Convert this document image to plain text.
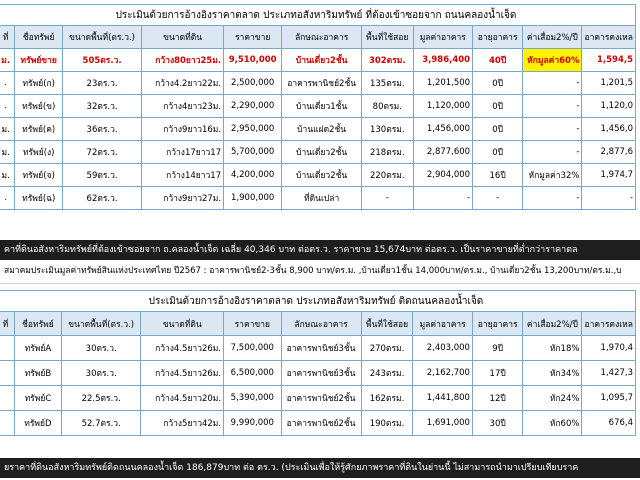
ประเมินด้วยการอ้างอิงราคาตลาด ประเภทอสังหาริมทรัพย์ ที่ต้องเข้าซอยจาก ถนนคลองน้ำเจ็ด										
ที่	ชื่อทรัพย์	ขนาดพื้นที่(ตร.ว.)	ขนาดที่ดิน	ราคาขาย	ลักษณะอาคาร	พื้นที่ใช้สอย	มูลค่าอาคาร	อายุอาคาร	ค่าเสื่อม2%/ปี	อาคารคงเหล
ม.	ทรัพย์ขาย	505ตร.ว.	กว้าง80ยาว25ม.	9,510,000	บ้านเดี่ยว2ชั้น	302ตรม.	3,986,400	40ปี	หักมูลค่า60%	1,594,5
.	ทรัพย์(ก)	23ตร.ว.	กว้าง4.2ยาว22ม.	2,500,000	อาคารพานิชย์2ชั้น	135ตรม.	1,201,500	0ปี	-	1,201,5
.	ทรัพย์(ข)	32ตร.ว.	กว้าง4ยาว23ม.	2,290,000	บ้านเดี่ยว1ชั้น	80ตรม.	1,120,000	0ปี	-	1,120,0
ม.	ทรัพย์(ค)	36ตร.ว.	กว้าง9ยาว16ม.	2,950,000	บ้านแฝด2ชั้น	130ตรม.	1,456,000	0ปี	-	1,456,0
ม.	ทรัพย์(ง)	72ตร.ว.	กว้าง17ยาว17	5,700,000	บ้านเดี่ยว2ชั้น	218ตรม.	2,877,600	0ปี	-	2,877,6
ม.	ทรัพย์(จ)	59ตร.ว.	กว้าง14ยาว17	4,200,000	บ้านเดี่ยว2ชั้น	220ตรม.	2,904,000	16ปี	หักมูลค่า32%	1,974,7
.	ทรัพย์(ฉ)	62ตร.ว.	กว้าง9ยาว27ม.	1,900,000	ที่ดินเปล่า	-	-	-	-	-
คาที่ดินอสังหาริมทรัพย์ที่ต้องเข้าซอยจาก ถ.คลองน้ำเจ็ด เฉลี่ย 40,346 บาท ต่อตร.ว. ราคาขาย 15,674บาท ต่อตร.ว. เป็นราคาขายที่ต่ำกว่าราคาตล
สมาคมประเมินมูลค่าทรัพย์สินแห่งประเทศไทย ปี2567 : อาคารพานิชย์2-3ชั้น 8,900 บาท/ตร.ม. ,บ้านเดี่ยว1ชั้น 14,000บาท/ตร.ม., บ้านเดี่ยว2ชั้น 13,200บาท/ตร.ม.,บ
ประเมินด้วยการอ้างอิงราคาตลาด ประเภทอสังหาริมทรัพย์ ติดถนนคลองน้ำเจ็ด										
ที่	ชื่อทรัพย์	ขนาดพื้นที่(ตร.ว.)	ขนาดที่ดิน	ราคาขาย	ลักษณะอาคาร	พื้นที่ใช้สอย	มูลค่าอาคาร	อายุอาคาร	ค่าเสื่อม2%/ปี	อาคารคงเหล
	ทรัพย์A	30ตร.ว.	กว้าง4.5ยาว26ม.	7,500,000	อาคารพานิชย์3ชั้น	270ตรม.	2,403,000	9ปี	หัก18%	1,970,4
	ทรัพย์B	30ตร.ว.	กว้าง4.5ยาว26ม.	6,500,000	อาคารพานิชย์3ชั้น	243ตรม.	2,162,700	17ปี	หัก34%	1,427,3
	ทรัพย์C	22.5ตร.ว.	กว้าง4.5ยาว20ม.	5,390,000	อาคารพานิชย์2ชั้น	162ตรม.	1,441,800	12ปี	หัก24%	1,095,7
	ทรัพย์D	52.7ตร.ว.	กว้าง5ยาว42ม.	9,990,000	อาคารพานิชย์2ชั้น	190ตรม.	1,691,000	30ปี	หัก60%	676,4
ยราคาที่ดินอสังหาริมทรัพย์ติดถนนคลองน้ำเจ็ด 186,879บาท ต่อ ตร.ว. (ประเมินเพื่อให้รู้ศักยภาพราคาที่ดินในย่านนี้ ไม่สามารถนำมาเปรียบเทียบราค
